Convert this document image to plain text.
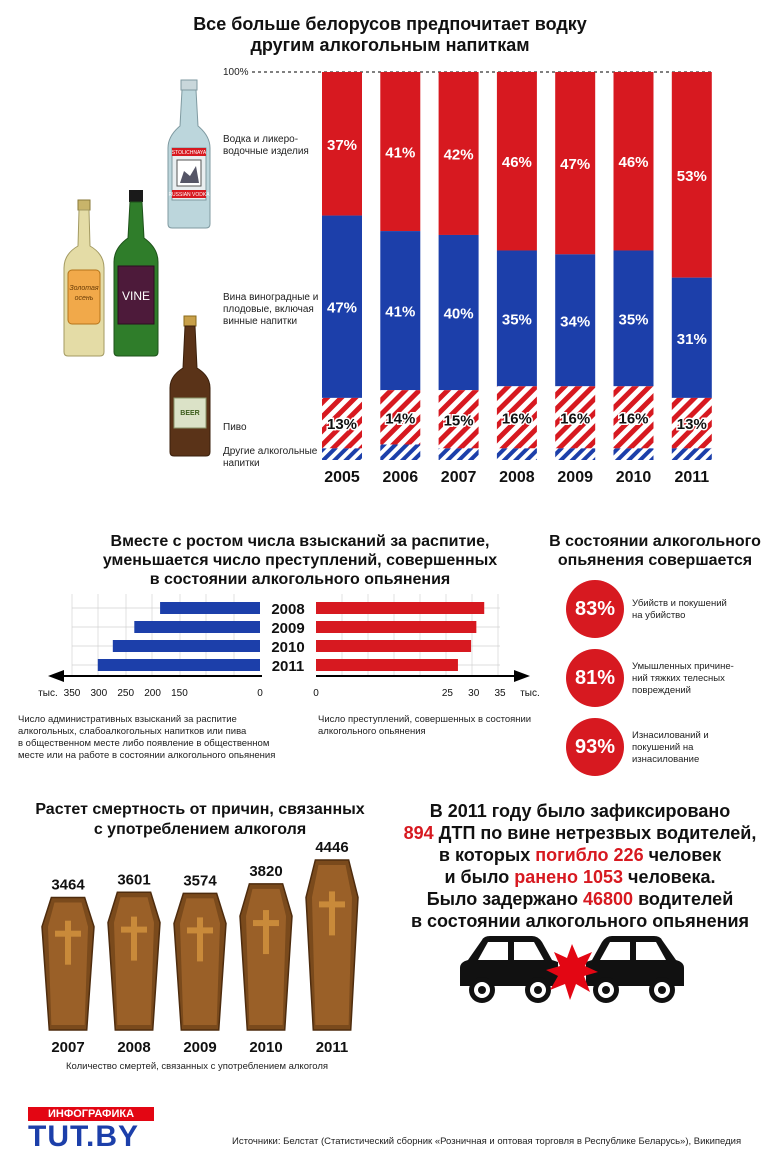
Все больше белорусов предпочитает водку
другим алкогольным напиткам
STOLICHNAYA
RUSSIAN VODKA
Золотая
осень VINE
BEER
100%
Водка и ликеро-
водочные изделия
Вина виноградные и
плодовые, включая
винные напитки
Пиво
Другие алкогольные
напитки
37%
47%
13%
2005
41%
41%
14%
2006
42%
40%
15%
2007
46%
35%
16%
2008
47%
34%
16%
2009
46%
35%
16%
2010
53%
31%
13%
2011
Вместе с ростом числа взысканий за распитие,
уменьшается число преступлений, совершенных
в состоянии алкогольного опьянения
2008
2009
2010
2011
тыс. 350 300 250 200 150	0	0	25 30 35 тыс.
Число административных взысканий за распитие
алкогольных, слабоалкогольных напитков или пива
в общественном месте либо появление в общественном
месте или на работе в состоянии алкогольного опьянения
Число преступлений, совершенных в состоянии
алкогольного опьянения
В состоянии алкогольного
опьянения совершается
83%	Убийств и покушений
на убийство
81%
Умышленных причине-
ний тяжких телесных
повреждений
93%
Изнасилований и
покушений на
изнасилование
Растет смертность от причин, связанных
с употреблением алкоголя
3464
2007
3601
2008
3574
2009
3820
2010
4446
2011
Количество смертей, связанных с употреблением алкоголя
В 2011 году было зафиксировано
894 ДТП по вине нетрезвых водителей,
в которых погибло 226 человек
и было ранено 1053 человека.
Было задержано 46800 водителей
в состоянии алкогольного опьянения
ИНФОГРАФИКА
TUT.BY	Источники: Белстат (Статистический сборник «Розничная и оптовая торговля в Республике Беларусь»), Википедия
